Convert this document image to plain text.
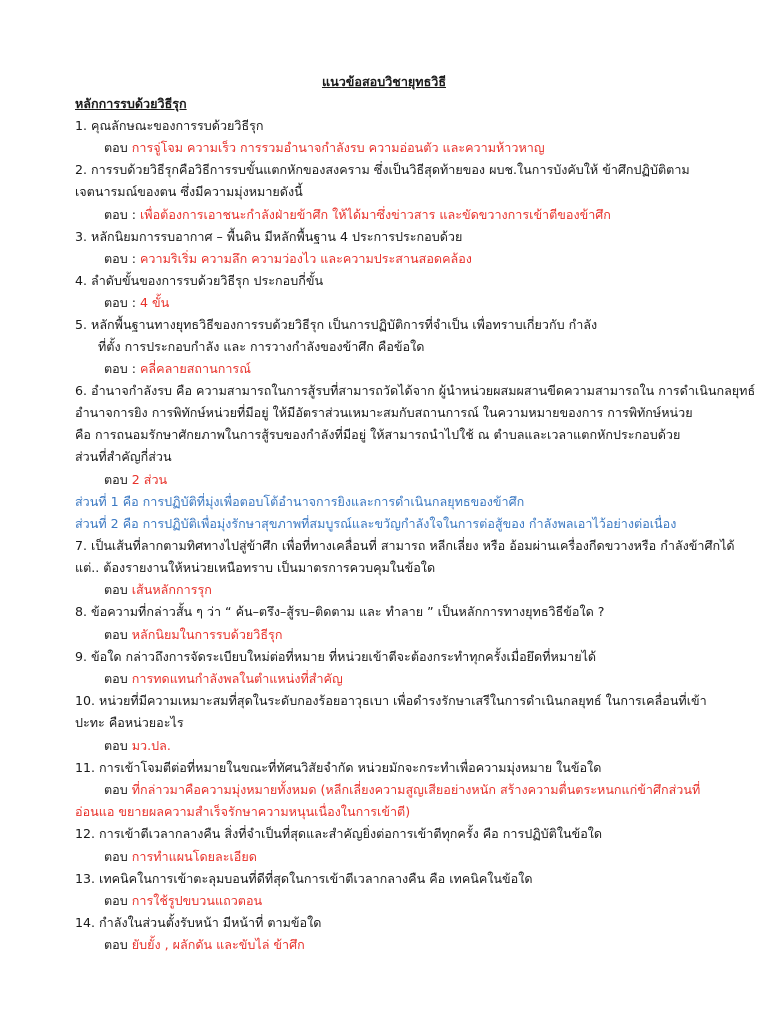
แนวข้อสอบวิชายุทธวิธี
หลักการรบด้วยวิธีรุก
1. คุณลักษณะของการรบด้วยวิธีรุก
ตอบ การจู่โจม ความเร็ว การรวมอำนาจกำลังรบ ความอ่อนตัว และความห้าวหาญ
2. การรบด้วยวิธีรุกคือวิธีการรบขั้นแตกหักของสงคราม ซึ่งเป็นวิธีสุดท้ายของ ผบช.ในการบังคับให้ ข้าศึกปฏิบัติตาม
เจตนารมณ์ของตน ซึ่งมีความมุ่งหมายดังนี้
ตอบ : เพื่อต้องการเอาชนะกำลังฝ่ายข้าศึก ให้ได้มาซึ่งข่าวสาร และขัดขวางการเข้าตีของข้าศึก
3. หลักนิยมการรบอากาศ – พื้นดิน มีหลักพื้นฐาน 4 ประการประกอบด้วย
ตอบ : ความริเริ่ม ความลึก ความว่องไว และความประสานสอดคล้อง
4. ลำดับขั้นของการรบด้วยวิธีรุก ประกอบกี่ขั้น
ตอบ : 4 ขั้น
5. หลักพื้นฐานทางยุทธวิธีของการรบด้วยวิธีรุก เป็นการปฏิบัติการที่จำเป็น เพื่อทราบเกี่ยวกับ กำลัง
ที่ตั้ง การประกอบกำลัง และ การวางกำลังของข้าศึก คือข้อใด
ตอบ : คลี่คลายสถานการณ์
6. อำนาจกำลังรบ คือ ความสามารถในการสู้รบที่สามารถวัดได้จาก ผู้นำหน่วยผสมผสานขีดความสามารถใน การดำเนินกลยุทธ์
อำนาจการยิง การพิทักษ์หน่วยที่มีอยู่ ให้มีอัตราส่วนเหมาะสมกับสถานการณ์ ในความหมายของการ การพิทักษ์หน่วย
คือ การถนอมรักษาศักยภาพในการสู้รบของกำลังที่มีอยู่ ให้สามารถนำไปใช้ ณ ตำบลและเวลาแตกหักประกอบด้วย
ส่วนที่สำคัญกี่ส่วน
ตอบ 2 ส่วน
ส่วนที่ 1 คือ การปฏิบัติที่มุ่งเพื่อตอบโต้อำนาจการยิงและการดำเนินกลยุทธของข้าศึก
ส่วนที่ 2 คือ การปฏิบัติเพื่อมุ่งรักษาสุขภาพที่สมบูรณ์และขวัญกำลังใจในการต่อสู้ของ กำลังพลเอาไว้อย่างต่อเนื่อง
7. เป็นเส้นที่ลากตามทิศทางไปสู่ข้าศึก เพื่อที่ทางเคลื่อนที่ สามารถ หลีกเลี่ยง หรือ อ้อมผ่านเครื่องกีดขวางหรือ กำลังข้าศึกได้
แต่.. ต้องรายงานให้หน่วยเหนือทราบ เป็นมาตรการควบคุมในข้อใด
ตอบ เส้นหลักการรุก
8. ข้อความที่กล่าวสั้น ๆ ว่า “ ค้น–ตรึง–สู้รบ–ติดตาม และ ทำลาย ” เป็นหลักการทางยุทธวิธีข้อใด ?
ตอบ หลักนิยมในการรบด้วยวิธีรุก
9. ข้อใด กล่าวถึงการจัดระเบียบใหม่ต่อที่หมาย ที่หน่วยเข้าตีจะต้องกระทำทุกครั้งเมื่อยึดที่หมายได้
ตอบ การทดแทนกำลังพลในตำแหน่งที่สำคัญ
10. หน่วยที่มีความเหมาะสมที่สุดในระดับกองร้อยอาวุธเบา เพื่อดำรงรักษาเสรีในการดำเนินกลยุทธ์ ในการเคลื่อนที่เข้า
ปะทะ คือหน่วยอะไร
ตอบ มว.ปล.
11. การเข้าโจมตีต่อที่หมายในขณะที่ทัศนวิสัยจำกัด หน่วยมักจะกระทำเพื่อความมุ่งหมาย ในข้อใด
ตอบ ที่กล่าวมาคือความมุ่งหมายทั้งหมด (หลีกเลี่ยงความสูญเสียอย่างหนัก สร้างความตื่นตระหนกแก่ข้าศึกส่วนที่
อ่อนแอ ขยายผลความสำเร็จรักษาความหนุนเนื่องในการเข้าตี)
12. การเข้าตีเวลากลางคืน สิ่งที่จำเป็นที่สุดและสำคัญยิ่งต่อการเข้าตีทุกครั้ง คือ การปฏิบัติในข้อใด
ตอบ การทำแผนโดยละเอียด
13. เทคนิคในการเข้าตะลุมบอนที่ดีที่สุดในการเข้าตีเวลากลางคืน คือ เทคนิคในข้อใด
ตอบ การใช้รูปขบวนแถวตอน
14. กำลังในส่วนตั้งรับหน้า มีหน้าที่ ตามข้อใด
ตอบ ยับยั้ง , ผลักดัน และขับไล่ ข้าศึก
